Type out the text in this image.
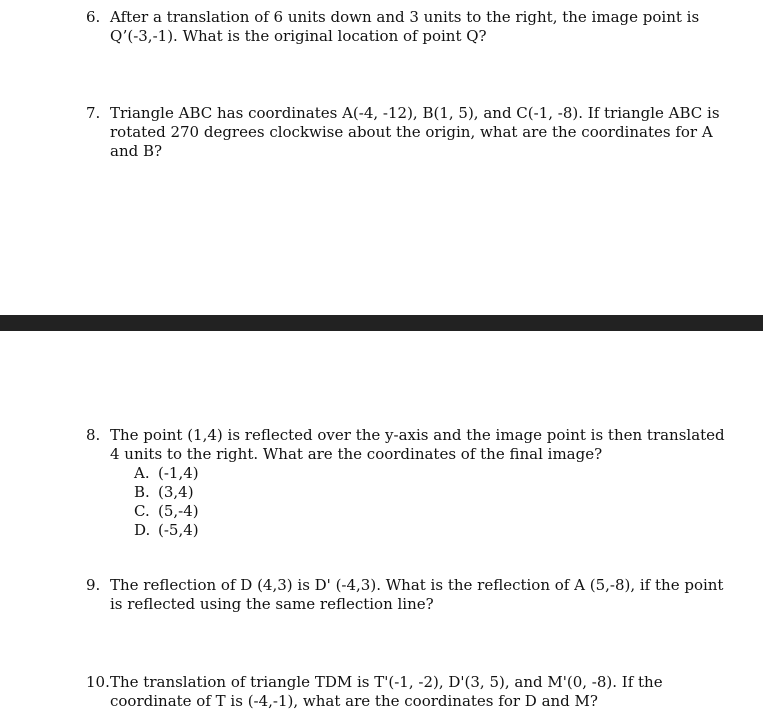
6. After a translation of 6 units down and 3 units to the right, the image point is Q’(-3,-1). What is the original location of point Q?
7. Triangle ABC has coordinates A(-4, -12), B(1, 5), and C(-1, -8). If triangle ABC is rotated 270 degrees clockwise about the origin, what are the coordinates for A and B?
8. The point (1,4) is reflected over the y-axis and the image point is then translated 4 units to the right. What are the coordinates of the final image?
A. (-1,4)
B. (3,4)
C. (5,-4)
D. (-5,4)
9. The reflection of D (4,3) is D' (-4,3). What is the reflection of A (5,-8), if the point is reflected using the same reflection line?
10. The translation of triangle TDM is T'(-1, -2), D'(3, 5), and M'(0, -8). If the coordinate of T is (-4,-1), what are the coordinates for D and M?
